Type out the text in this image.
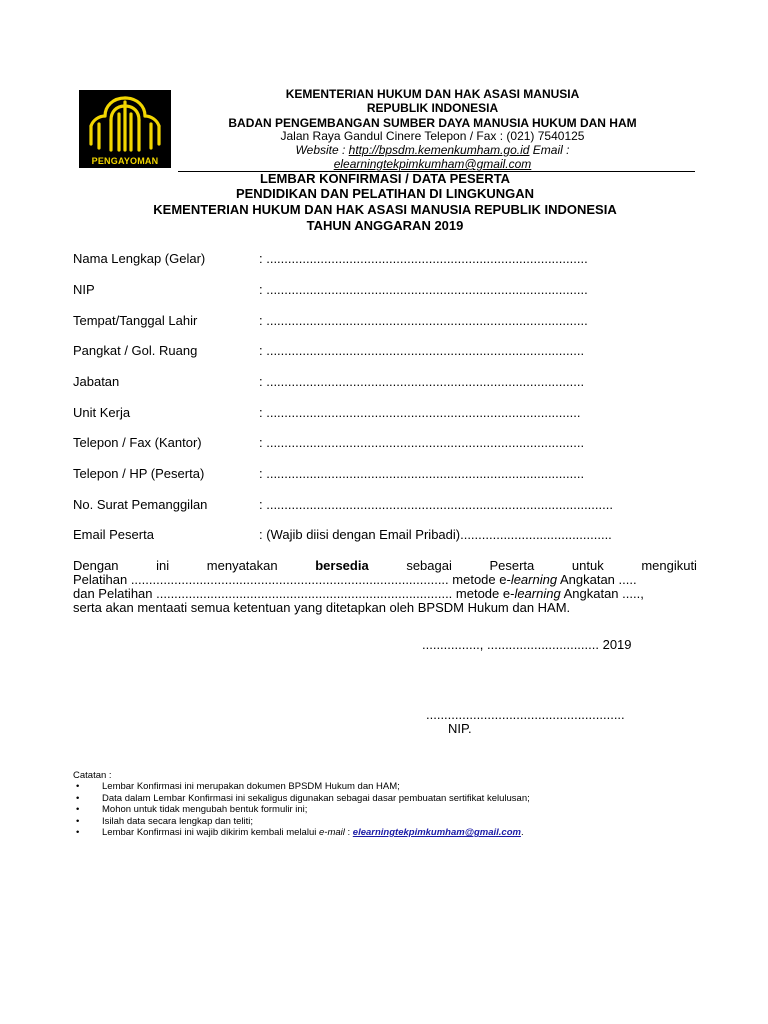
PENGAYOMAN
KEMENTERIAN HUKUM DAN HAK ASASI MANUSIA
REPUBLIK INDONESIA
BADAN PENGEMBANGAN SUMBER DAYA MANUSIA HUKUM DAN HAM
Jalan Raya Gandul Cinere Telepon / Fax : (021) 7540125
Website : http://bpsdm.kemenkumham.go.id Email :
elearningtekpimkumham@gmail.com
LEMBAR KONFIRMASI / DATA PESERTA
PENDIDIKAN DAN PELATIHAN DI LINGKUNGAN
KEMENTERIAN HUKUM DAN HAK ASASI MANUSIA REPUBLIK INDONESIA
TAHUN ANGGARAN 2019
Nama Lengkap (Gelar)	: .........................................................................................
NIP	: .........................................................................................
Tempat/Tanggal Lahir	: .........................................................................................
Pangkat / Gol. Ruang	: ........................................................................................
Jabatan	: ........................................................................................
Unit Kerja	: .......................................................................................
Telepon / Fax (Kantor)	: ........................................................................................
Telepon / HP (Peserta)	: ........................................................................................
No. Surat Pemanggilan	: ................................................................................................
Email Peserta	: (Wajib diisi dengan Email Pribadi)..........................................
Dengan	ini	menyatakan	bersedia	sebagai	Peserta	untuk	mengikuti
Pelatihan ........................................................................................ metode e-learning Angkatan .....
dan Pelatihan .................................................................................. metode e-learning Angkatan .....,
serta akan mentaati semua ketentuan yang ditetapkan oleh BPSDM Hukum dan HAM.
................, ............................... 2019
.......................................................
NIP.
Catatan :
• Lembar Konfirmasi ini merupakan dokumen BPSDM Hukum dan HAM;
• Data dalam Lembar Konfirmasi ini sekaligus digunakan sebagai dasar pembuatan sertifikat kelulusan;
• Mohon untuk tidak mengubah bentuk formulir ini;
• Isilah data secara lengkap dan teliti;
• Lembar Konfirmasi ini wajib dikirim kembali melalui e-mail : elearningtekpimkumham@gmail.com.
